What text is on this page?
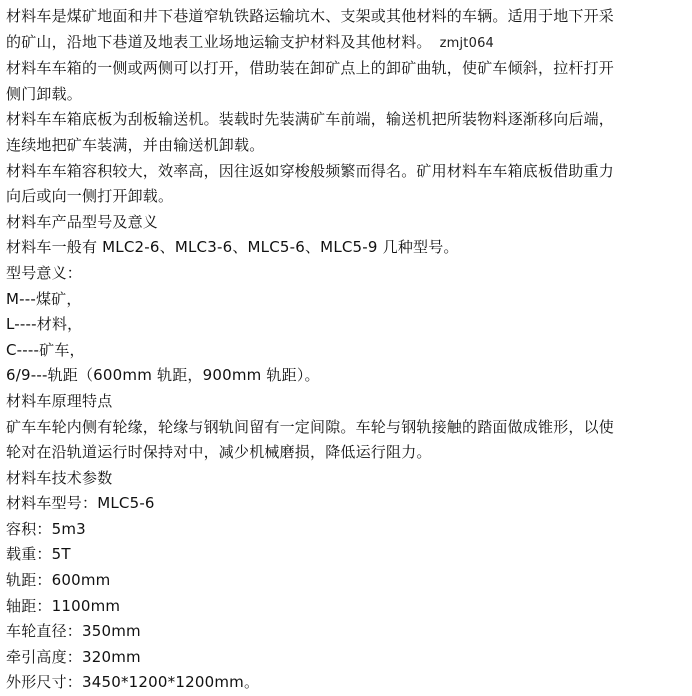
材料车是煤矿地面和井下巷道窄轨铁路运输坑木、支架或其他材料的车辆。适用于地下开采
的矿山，沿地下巷道及地表工业场地运输支护材料及其他材料。 zmjt064
材料车车箱的一侧或两侧可以打开，借助装在卸矿点上的卸矿曲轨，使矿车倾斜，拉杆打开
侧门卸载。
材料车车箱底板为刮板输送机。装载时先装满矿车前端，输送机把所装物料逐渐移向后端，
连续地把矿车装满，并由输送机卸载。
材料车车箱容积较大，效率高，因往返如穿梭般频繁而得名。矿用材料车车箱底板借助重力
向后或向一侧打开卸载。
材料车产品型号及意义
材料车一般有 MLC2-6、MLC3-6、MLC5-6、MLC5-9 几种型号。
型号意义：
M---煤矿，
L----材料，
C----矿车，
6/9---轨距（600mm 轨距，900mm 轨距）。
材料车原理特点
矿车车轮内侧有轮缘，轮缘与钢轨间留有一定间隙。车轮与钢轨接触的踏面做成锥形，以使
轮对在沿轨道运行时保持对中，减少机械磨损，降低运行阻力。
材料车技术参数
材料车型号：MLC5-6
容积：5m3
载重：5T
轨距：600mm
轴距：1100mm
车轮直径：350mm
牵引高度：320mm
外形尺寸：3450*1200*1200mm。
